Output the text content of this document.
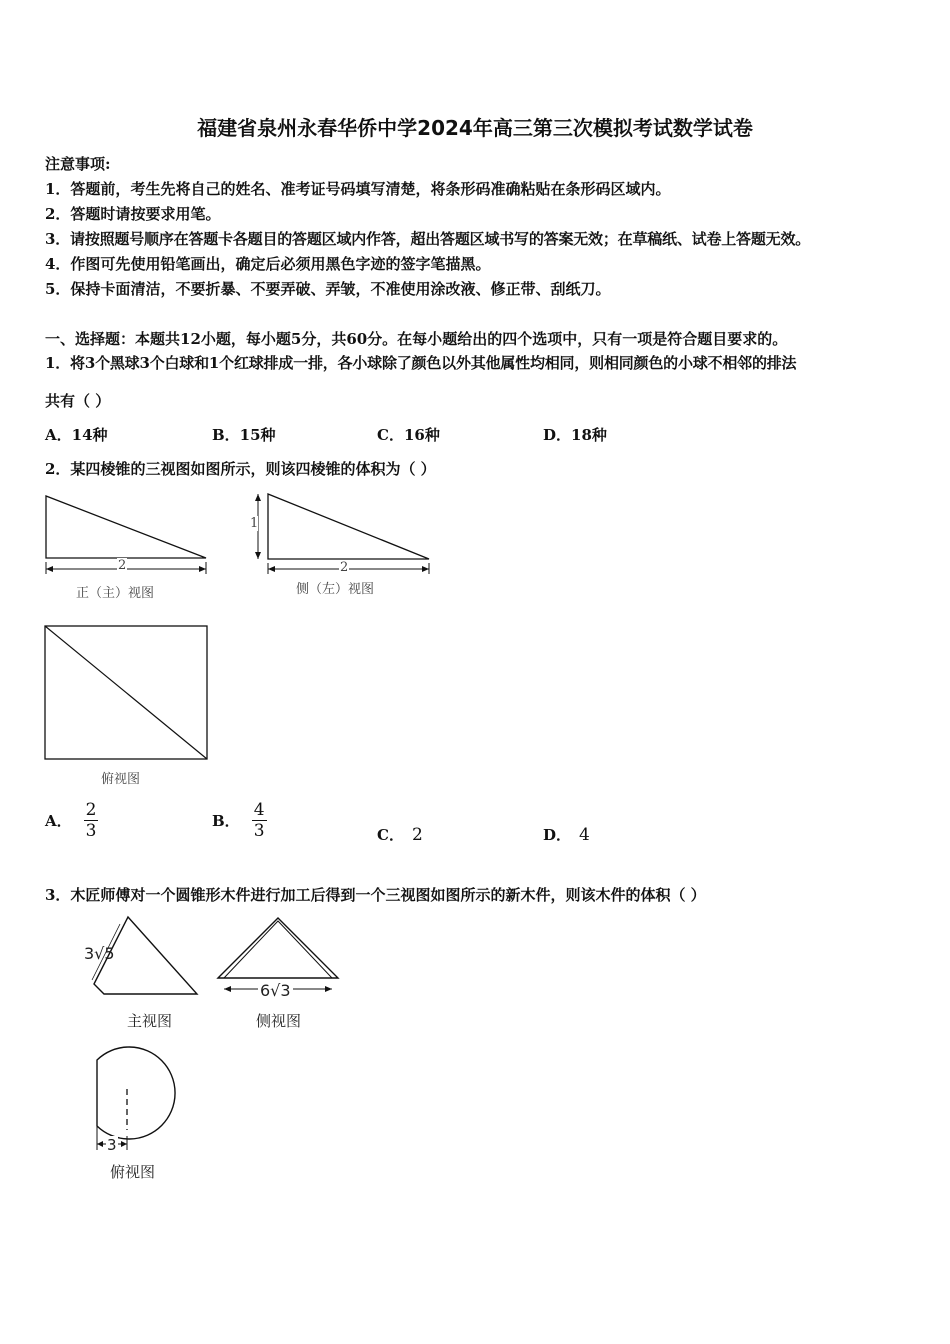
福建省泉州永春华侨中学2024年高三第三次模拟考试数学试卷
注意事项:
1．答题前，考生先将自己的姓名、准考证号码填写清楚，将条形码准确粘贴在条形码区域内。
2．答题时请按要求用笔。
3．请按照题号顺序在答题卡各题目的答题区域内作答，超出答题区域书写的答案无效；在草稿纸、试卷上答题无效。
4．作图可先使用铅笔画出，确定后必须用黑色字迹的签字笔描黑。
5．保持卡面清洁，不要折暴、不要弄破、弄皱，不准使用涂改液、修正带、刮纸刀。
一、选择题：本题共12小题，每小题5分，共60分。在每小题给出的四个选项中，只有一项是符合题目要求的。
1．将3个黑球3个白球和1个红球排成一排，各小球除了颜色以外其他属性均相同，则相同颜色的小球不相邻的排法
共有（ ）
A．14种	B．15种	C．16种	D．18种
2．某四棱锥的三视图如图所示，则该四棱锥的体积为（ ）
2
正（主）视图
1
2
侧（左）视图
俯视图
A． $\frac{2}{3}$	B． $\frac{4}{3}$	C． 2	D． 4
3．木匠师傅对一个圆锥形木件进行加工后得到一个三视图如图所示的新木件，则该木件的体积（ ）
3√5
主视图
6√3
侧视图
3
俯视图
